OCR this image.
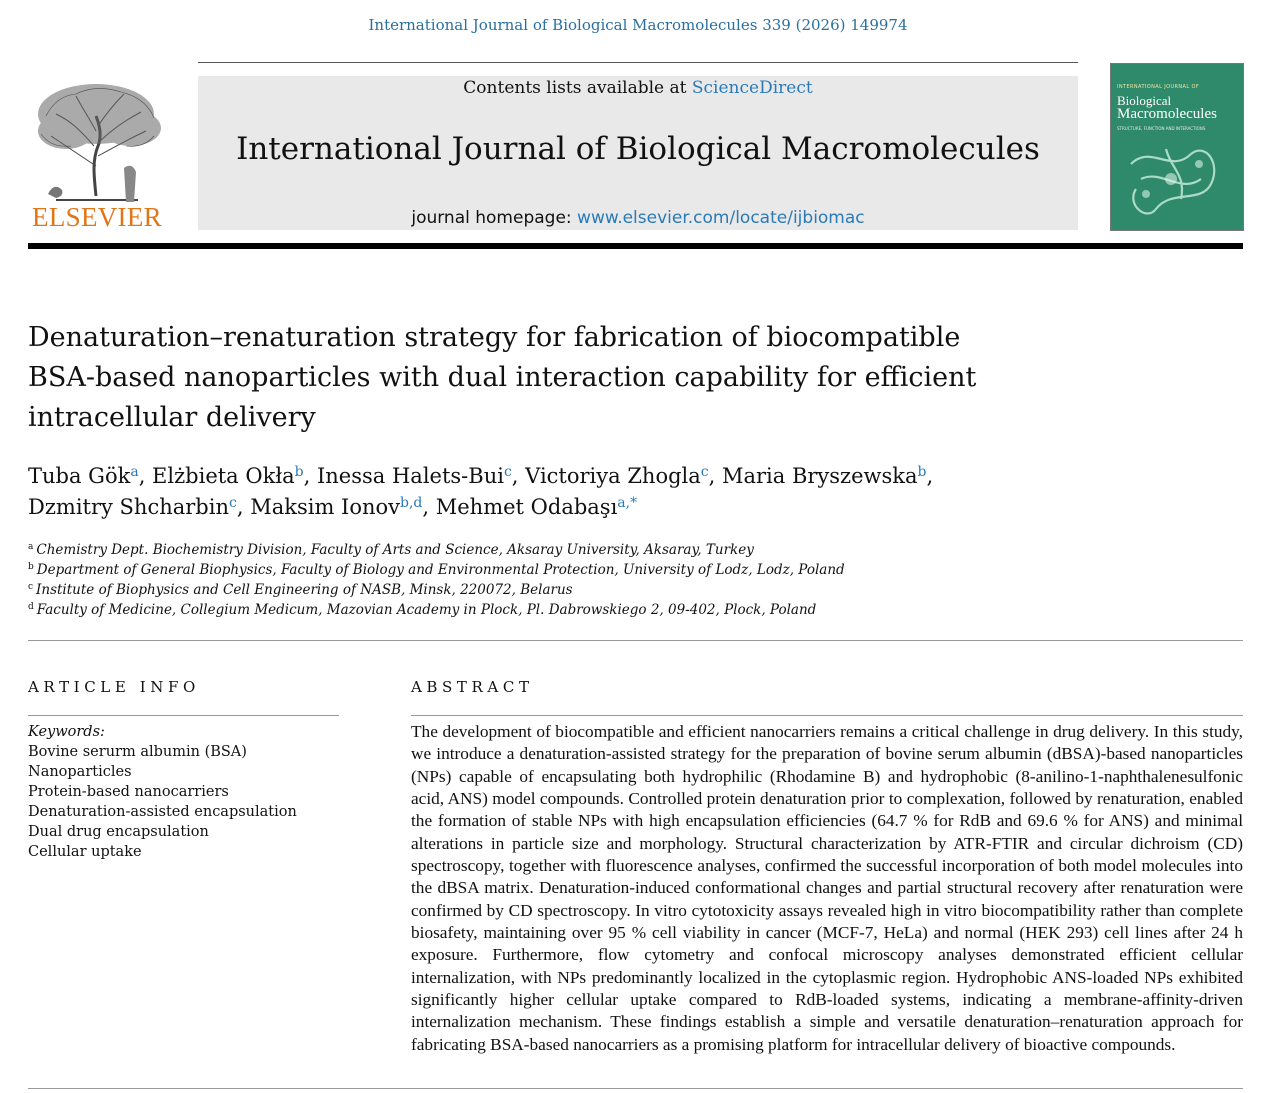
International Journal of Biological Macromolecules 339 (2026) 149974
ELSEVIER
Contents lists available at ScienceDirect
International Journal of Biological Macromolecules
journal homepage: www.elsevier.com/locate/ijbiomac
INTERNATIONAL JOURNAL OF
Biological
Macromolecules
STRUCTURE, FUNCTION AND INTERACTIONS
Denaturation–renaturation strategy for fabrication of biocompatible BSA-based nanoparticles with dual interaction capability for efficient intracellular delivery

Tuba Gök$^a$, Elżbieta Okła$^b$, Inessa Halets-Bui$^c$, Victoriya Zhogla$^c$, Maria Bryszewska$^b$,
Dzmitry Shcharbin$^c$, Maksim Ionov$^{b,d}$, Mehmet Odabaşı$^{a,*}$

$^a$ Chemistry Dept. Biochemistry Division, Faculty of Arts and Science, Aksaray University, Aksaray, Turkey
$^b$ Department of General Biophysics, Faculty of Biology and Environmental Protection, University of Lodz, Lodz, Poland
$^c$ Institute of Biophysics and Cell Engineering of NASB, Minsk, 220072, Belarus
$^d$ Faculty of Medicine, Collegium Medicum, Mazovian Academy in Plock, Pl. Dabrowskiego 2, 09-402, Plock, Poland
ARTICLE INFO	ABSTRACT
Keywords:
Bovine serurm albumin (BSA)
Nanoparticles
Protein-based nanocarriers
Denaturation-assisted encapsulation
Dual drug encapsulation
Cellular uptake

The development of biocompatible and efficient nanocarriers remains a critical challenge in drug delivery. In this study, we introduce a denaturation-assisted strategy for the preparation of bovine serum albumin (dBSA)-based nanoparticles (NPs) capable of encapsulating both hydrophilic (Rhodamine B) and hydrophobic (8-anilino-1-naphthalenesulfonic acid, ANS) model compounds. Controlled protein denaturation prior to complexation, followed by renaturation, enabled the formation of stable NPs with high encapsulation efficiencies (64.7 % for RdB and 69.6 % for ANS) and minimal alterations in particle size and morphology. Structural characterization by ATR-FTIR and circular dichroism (CD) spectroscopy, together with fluorescence analyses, confirmed the successful incorporation of both model molecules into the dBSA matrix. Denaturation-induced conformational changes and partial structural recovery after renaturation were confirmed by CD spectroscopy. In vitro cytotoxicity assays revealed high in vitro biocompatibility rather than complete biosafety, maintaining over 95 % cell viability in cancer (MCF-7, HeLa) and normal (HEK 293) cell lines after 24 h exposure. Furthermore, flow cytometry and confocal microscopy analyses demonstrated efficient cellular internalization, with NPs predominantly localized in the cytoplasmic region. Hydrophobic ANS-loaded NPs exhibited significantly higher cellular uptake compared to RdB-loaded systems, indicating a membrane-affinity-driven internalization mechanism. These findings establish a simple and versatile denaturation–renaturation approach for fabricating BSA-based nanocarriers as a promising platform for intracellular delivery of bioactive compounds.
